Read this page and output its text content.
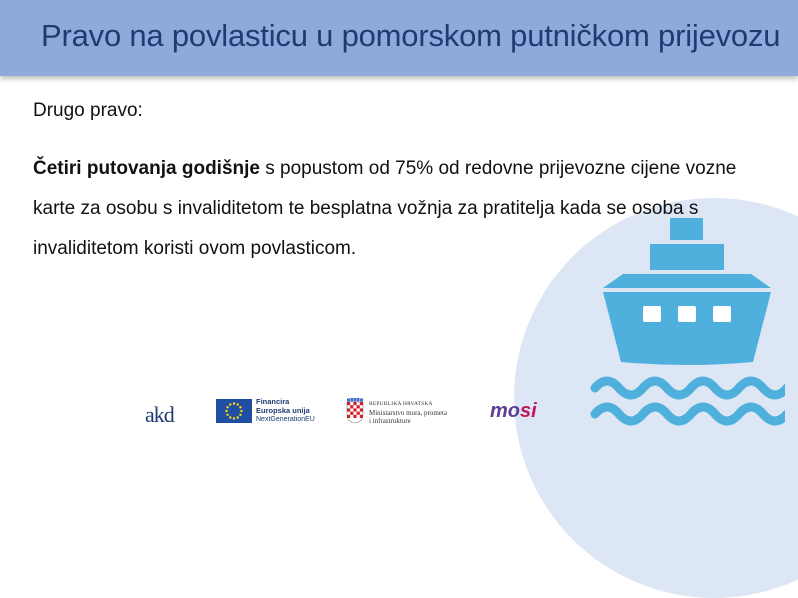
Pravo na povlasticu u pomorskom putničkom prijevozu

Drugo pravo:

Četiri putovanja godišnje s popustom od 75% od redovne prijevozne cijene vozne karte za osobu s invaliditetom te besplatna vožnja za pratitelja kada se osoba s invaliditetom koristi ovom povlasticom.

akd
Financira
Europska unija
NextGenerationEU
REPUBLIKA HRVATSKA
Ministarstvo mora, prometa
i infrastrukture	mosi
